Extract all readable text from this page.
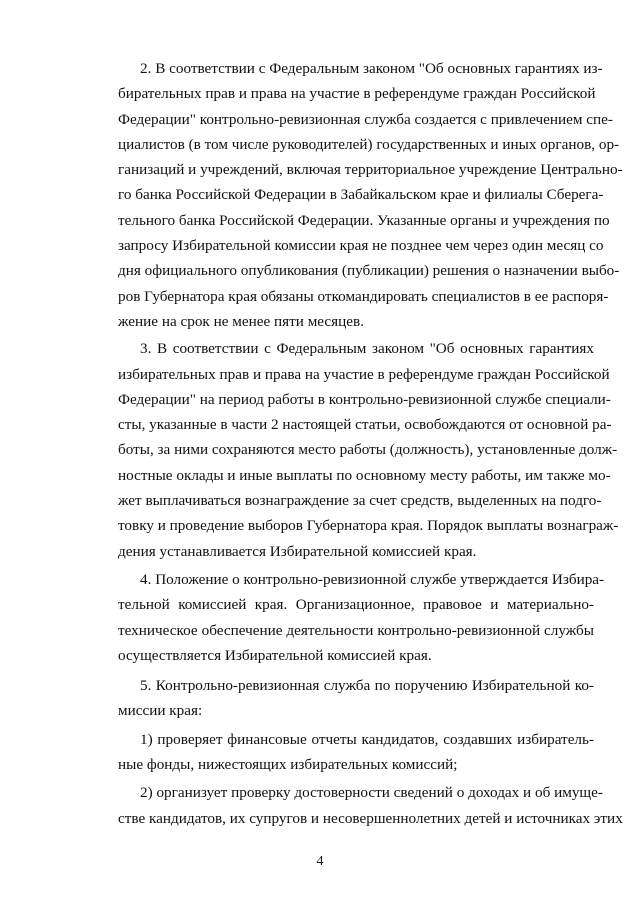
2. В соответствии с Федеральным законом "Об основных гарантиях из-
бирательных прав и права на участие в референдуме граждан Российской
Федерации" контрольно-ревизионная служба создается с привлечением спе-
циалистов (в том числе руководителей) государственных и иных органов, ор-
ганизаций и учреждений, включая территориальное учреждение Центрально-
го банка Российской Федерации в Забайкальском крае и филиалы Сберега-
тельного банка Российской Федерации. Указанные органы и учреждения по
запросу Избирательной комиссии края не позднее чем через один месяц со
дня официального опубликования (публикации) решения о назначении выбо-
ров Губернатора края обязаны откомандировать специалистов в ее распоря-
жение на срок не менее пяти месяцев.
3. В соответствии с Федеральным законом "Об основных гарантиях
избирательных прав и права на участие в референдуме граждан Российской
Федерации" на период работы в контрольно-ревизионной службе специали-
сты, указанные в части 2 настоящей статьи, освобождаются от основной ра-
боты, за ними сохраняются место работы (должность), установленные долж-
ностные оклады и иные выплаты по основному месту работы, им также мо-
жет выплачиваться вознаграждение за счет средств, выделенных на подго-
товку и проведение выборов Губернатора края. Порядок выплаты вознаграж-
дения устанавливается Избирательной комиссией края.
4. Положение о контрольно-ревизионной службе утверждается Избира-
тельной комиссией края. Организационное, правовое и материально-
техническое обеспечение деятельности контрольно-ревизионной службы
осуществляется Избирательной комиссией края.
5. Контрольно-ревизионная служба по поручению Избирательной ко-
миссии края:
1) проверяет финансовые отчеты кандидатов, создавших избиратель-
ные фонды, нижестоящих избирательных комиссий;
2) организует проверку достоверности сведений о доходах и об имуще-
стве кандидатов, их супругов и несовершеннолетних детей и источниках этих
4
